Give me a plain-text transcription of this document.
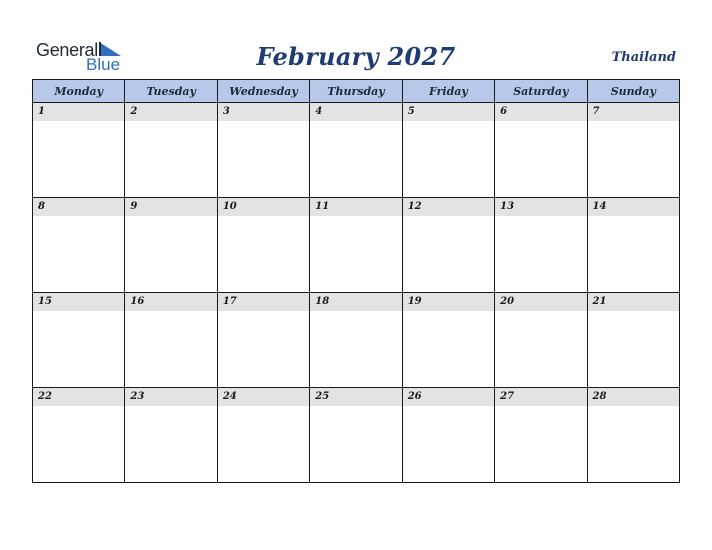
General
Blue	February 2027	Thailand
Monday	Tuesday	Wednesday	Thursday	Friday	Saturday	Sunday

1	2	3	4	5	6	7

8	9	10	11	12	13	14

15	16	17	18	19	20	21

22	23	24	25	26	27	28
